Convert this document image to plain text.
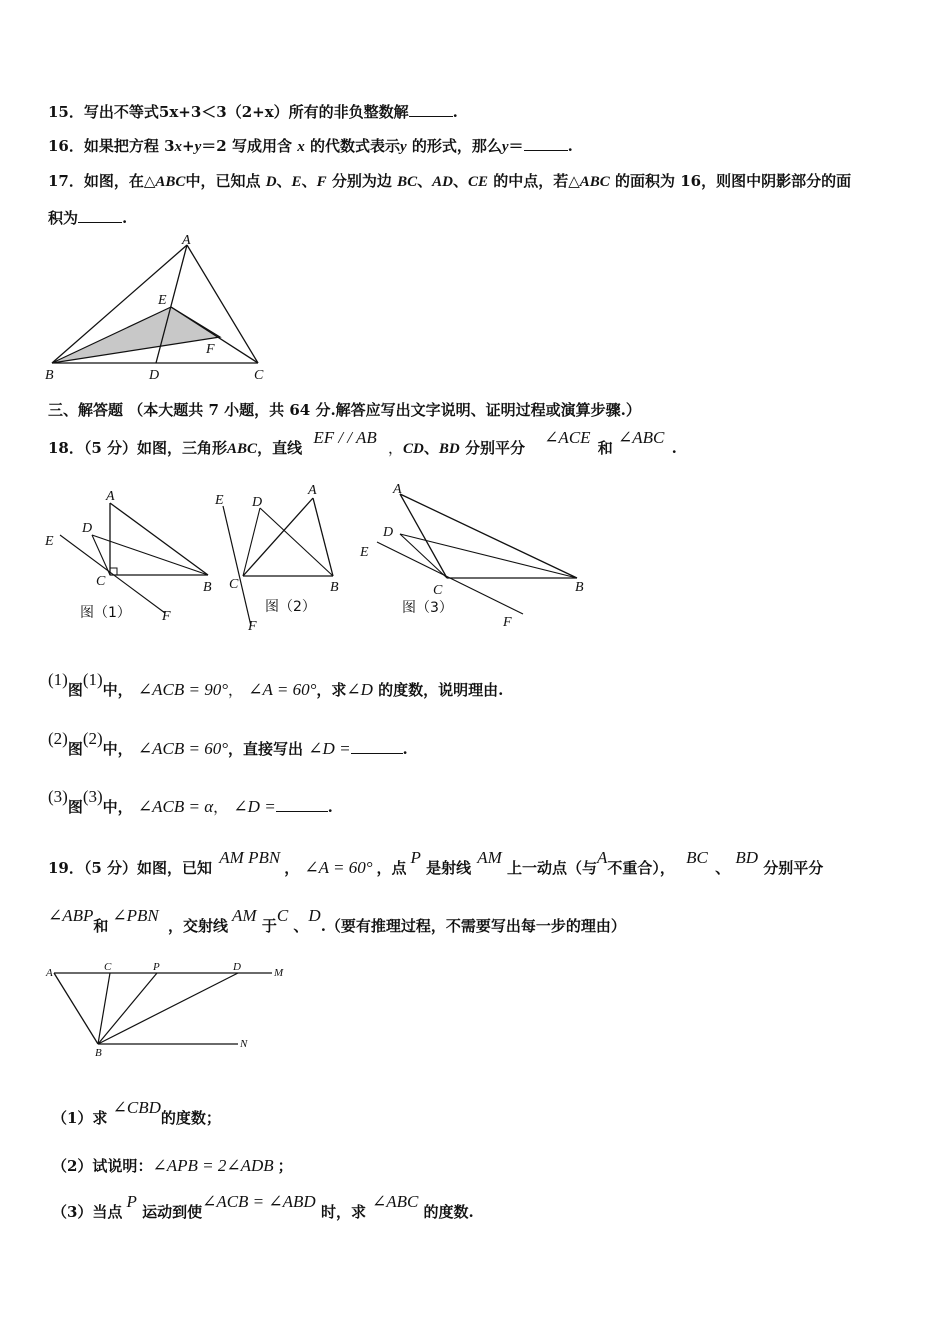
15．写出不等式5x+3＜3（2+x）所有的非负整数解	.
16．如果把方程 3x+y＝2 写成用含 x 的代数式表示y 的形式，那么y＝	.
17．如图，在△ABC中，已知点 D、E、F 分别为边 BC、AD、CE 的中点，若△ABC 的面积为 16，则图中阴影部分的面
积为	.
A
E
F
B	D	C
三、解答题 （本大题共 7 小题，共 64 分.解答应写出文字说明、证明过程或演算步骤.）
18．（5 分）如图，三角形ABC，直线 EF / / AB ，CD、BD 分别平分 ∠ACE 和 ∠ABC .
A
D
E
C	B
F
图（1）
E D
A
C	B
F
图（2）
A
D
E
C	B
F
图（3）
(1)图(1)中， ∠ACB = 90°， ∠A = 60°，求∠D 的度数，说明理由.
(2)图(2)中， ∠ACB = 60°，直接写出 ∠D =	.
(3)图(3)中， ∠ACB = α， ∠D =	.
19．（5 分）如图，已知 AM PBN， ∠A = 60° ，点P 是射线AM 上一动点（与A不重合）， BC 、 BD 分别平分
∠ABP和∠PBN ，交射线AM 于C 、D.（要有推理过程，不需要写出每一步的理由）
A	C	P	D	M
B
N
（1）求 ∠CBD的度数；
（2）试说明：∠APB = 2∠ADB ；
（3）当点P 运动到使∠ACB = ∠ABD 时，求∠ABC 的度数.
